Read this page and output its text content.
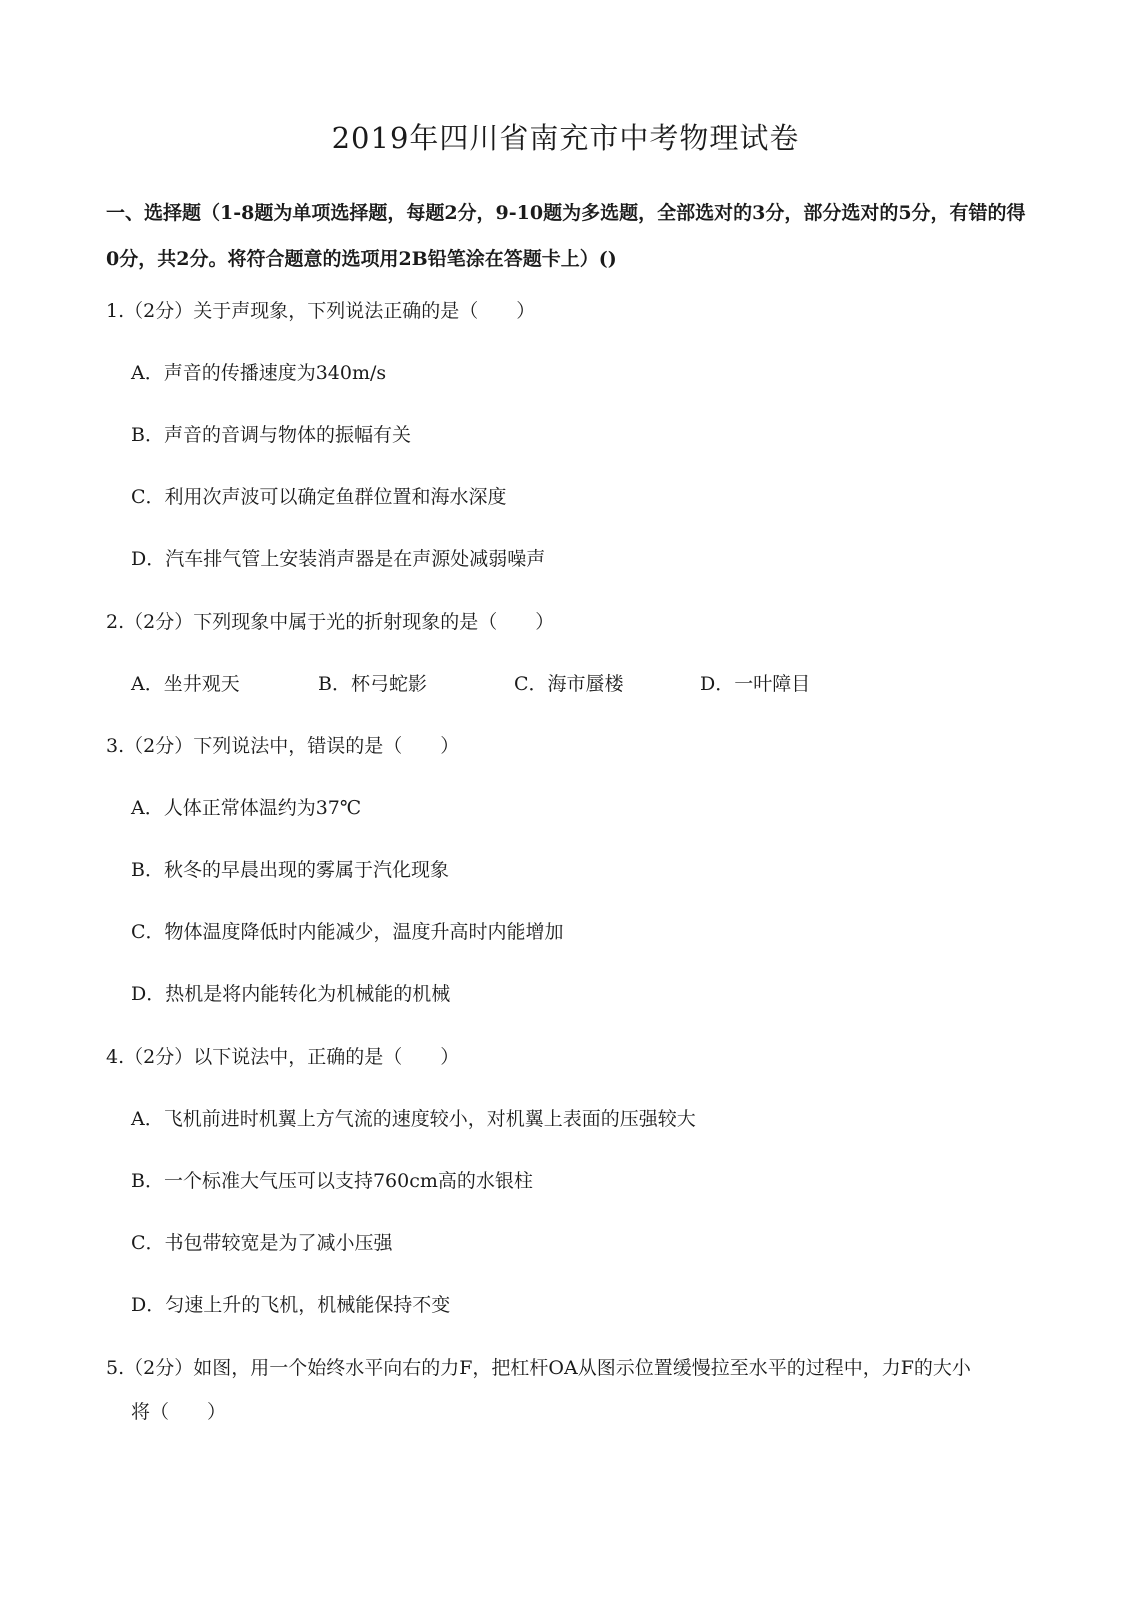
2019年四川省南充市中考物理试卷
一、选择题（1-8题为单项选择题，每题2分，9-10题为多选题，全部选对的3分，部分选对的5分，有错的得0分，共2分。将符合题意的选项用2B铅笔涂在答题卡上）()
1.（2分）关于声现象，下列说法正确的是（　　）
A．声音的传播速度为340m/s
B．声音的音调与物体的振幅有关
C．利用次声波可以确定鱼群位置和海水深度
D．汽车排气管上安装消声器是在声源处减弱噪声
2.（2分）下列现象中属于光的折射现象的是（　　）
A．坐井观天	B．杯弓蛇影	C．海市蜃楼	D．一叶障目
3.（2分）下列说法中，错误的是（　　）
A．人体正常体温约为37℃
B．秋冬的早晨出现的雾属于汽化现象
C．物体温度降低时内能减少，温度升高时内能增加
D．热机是将内能转化为机械能的机械
4.（2分）以下说法中，正确的是（　　）
A．飞机前进时机翼上方气流的速度较小，对机翼上表面的压强较大
B．一个标准大气压可以支持760cm高的水银柱
C．书包带较宽是为了减小压强
D．匀速上升的飞机，机械能保持不变
5.（2分）如图，用一个始终水平向右的力F，把杠杆OA从图示位置缓慢拉至水平的过程中，力F的大小
将（　　）
